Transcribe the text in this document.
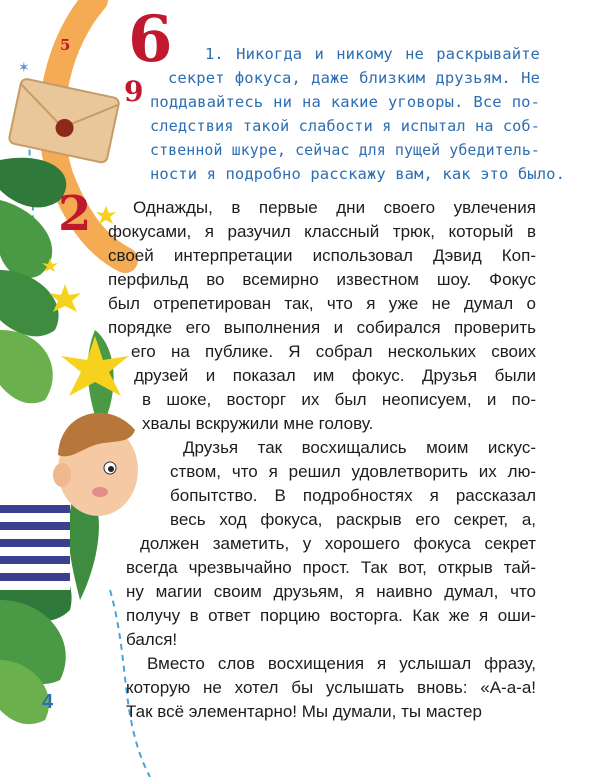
✶ 6
5
9
2
1. Никогда и никому не раскрывайте
секрет фокуса, даже близким друзьям. Не
поддавайтесь ни на какие уговоры. Все по-
следствия такой слабости я испытал на соб-
ственной шкуре, сейчас для пущей убедитель-
ности я подробно расскажу вам, как это было.
Однажды, в первые дни своего увлечения
фокусами, я разучил классный трюк, который в
своей интерпретации использовал Дэвид Коп-
перфильд во всемирно известном шоу. Фокус
был отрепетирован так, что я уже не думал о
порядке его выполнения и собирался проверить
его на публике. Я собрал нескольких своих
друзей и показал им фокус. Друзья были
в шоке, восторг их был неописуем, и по-
хвалы вскружили мне голову.
Друзья так восхищались моим искус-
ством, что я решил удовлетворить их лю-
бопытство. В подробностях я рассказал
весь ход фокуса, раскрыв его секрет, а,
должен заметить, у хорошего фокуса секрет
всегда чрезвычайно прост. Так вот, открыв тай-
ну магии своим друзьям, я наивно думал, что
получу в ответ порцию восторга. Как же я оши-
бался!
Вместо слов восхищения я услышал фразу,
которую не хотел бы услышать вновь: «А-а-а!
Так всё элементарно! Мы думали, ты мастер
4
